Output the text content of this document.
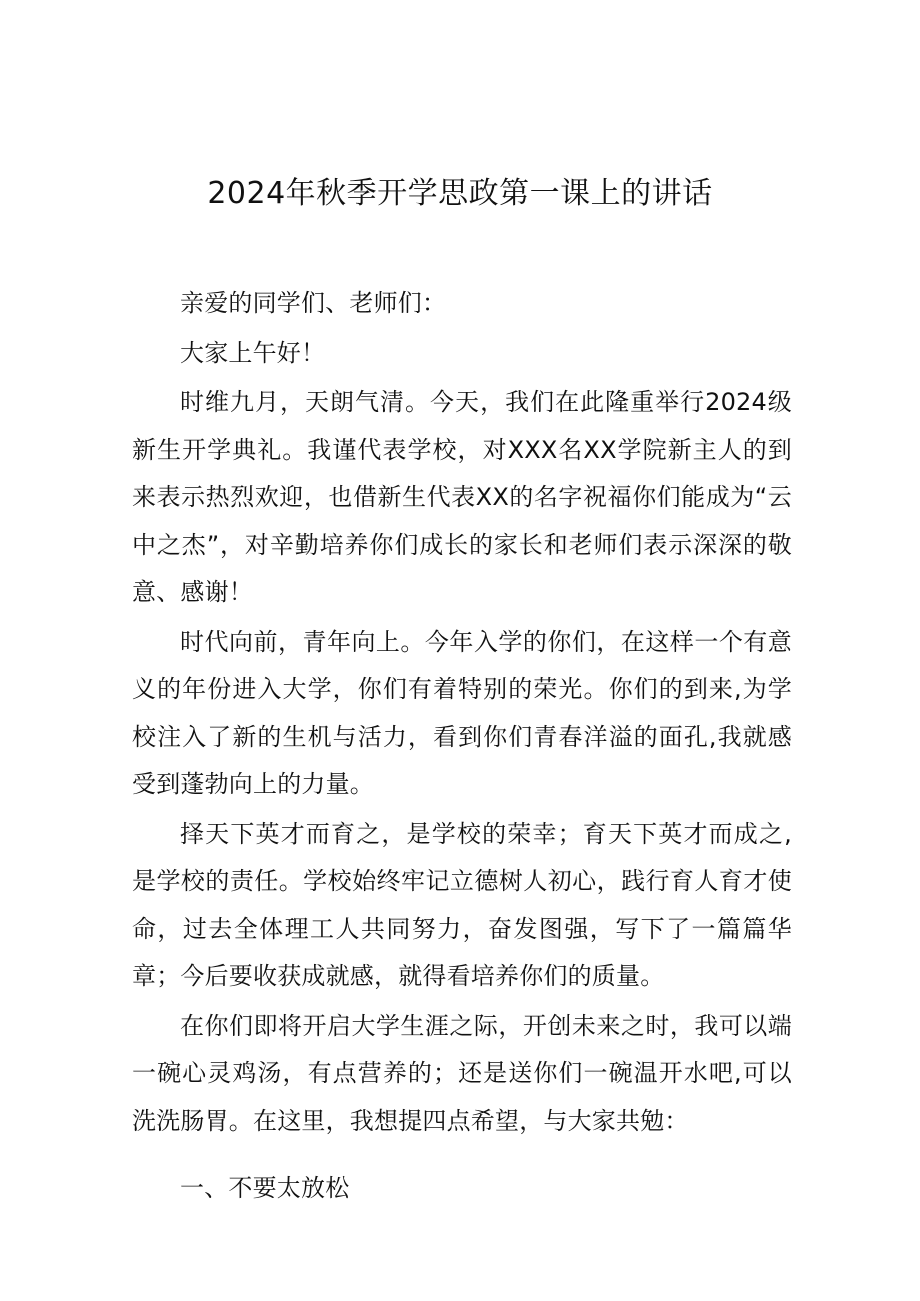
2024年秋季开学思政第一课上的讲话

亲爱的同学们、老师们：

大家上午好！

时维九月，天朗气清。今天，我们在此隆重举行2024级新生开学典礼。我谨代表学校，对XXX名XX学院新主人的到来表示热烈欢迎，也借新生代表XX的名字祝福你们能成为“云中之杰”，对辛勤培养你们成长的家长和老师们表示深深的敬意、感谢！

时代向前，青年向上。今年入学的你们，在这样一个有意义的年份进入大学，你们有着特别的荣光。你们的到来,为学校注入了新的生机与活力，看到你们青春洋溢的面孔,我就感受到蓬勃向上的力量。

择天下英才而育之，是学校的荣幸；育天下英才而成之,是学校的责任。学校始终牢记立德树人初心，践行育人育才使命，过去全体理工人共同努力，奋发图强，写下了一篇篇华章；今后要收获成就感，就得看培养你们的质量。

在你们即将开启大学生涯之际，开创未来之时，我可以端一碗心灵鸡汤，有点营养的；还是送你们一碗温开水吧,可以洗洗肠胃。在这里，我想提四点希望，与大家共勉：

一、不要太放松
